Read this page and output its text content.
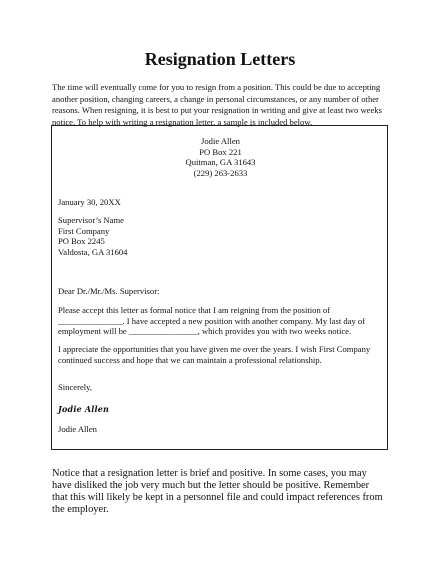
Resignation Letters

The time will eventually come for you to resign from a position. This could be due to accepting another position, changing careers, a change in personal circumstances, or any number of other reasons. When resigning, it is best to put your resignation in writing and give at least two weeks notice. To help with writing a resignation letter, a sample is included below.

Jodie Allen
PO Box 221
Quitman, GA 31643
(229) 263-2633
January 30, 20XX
Supervisor’s Name
First Company
PO Box 2245
Valdosta, GA 31604
Dear Dr./Mr./Ms. Supervisor:
Please accept this letter as formal notice that I am reigning from the position of
_______________. I have accepted a new position with another company. My last day of
employment will be ________________, which provides you with two weeks notice.
I appreciate the opportunities that you have given me over the years. I wish First Company
continued success and hope that we can maintain a professional relationship.
Sincerely,
Jodie Allen
Jodie Allen

Notice that a resignation letter is brief and positive. In some cases, you may have disliked the job very much but the letter should be positive. Remember that this will likely be kept in a personnel file and could impact references from the employer.
